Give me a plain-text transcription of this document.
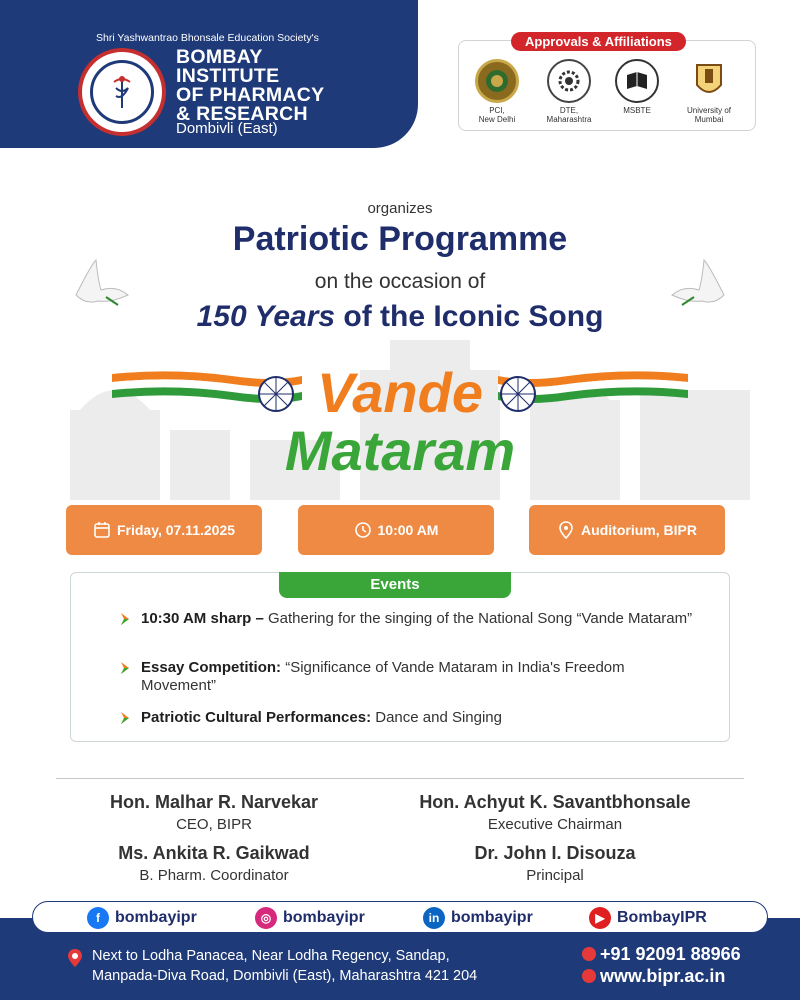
Shri Yashwantrao Bhonsale Education Society's
BOMBAY
INSTITUTE
OF PHARMACY
& RESEARCH
Dombivli (East)
Approvals & Affiliations
PCI,
New Delhi
DTE,
Maharashtra
MSBTE	University of
Mumbai
organizes
Patriotic Programme
on the occasion of
150 Years of the Iconic Song
Vande
Mataram
Friday, 07.11.2025	10:00 AM	Auditorium, BIPR
Events
10:30 AM sharp – Gathering for the singing of the National Song “Vande Mataram”
Essay Competition: “Significance of Vande Mataram in India's Freedom Movement”
Patriotic Cultural Performances: Dance and Singing
Hon. Malhar R. Narvekar
CEO, BIPR
Hon. Achyut K. Savantbhonsale
Executive Chairman
Ms. Ankita R. Gaikwad
B. Pharm. Coordinator
Dr. John I. Disouza
Principal
f bombayipr	◎ bombayipr	in bombayipr	▶ BombayIPR
Next to Lodha Panacea, Near Lodha Regency, Sandap,
Manpada-Diva Road, Dombivli (East), Maharashtra 421 204
+91 92091 88966
www.bipr.ac.in
